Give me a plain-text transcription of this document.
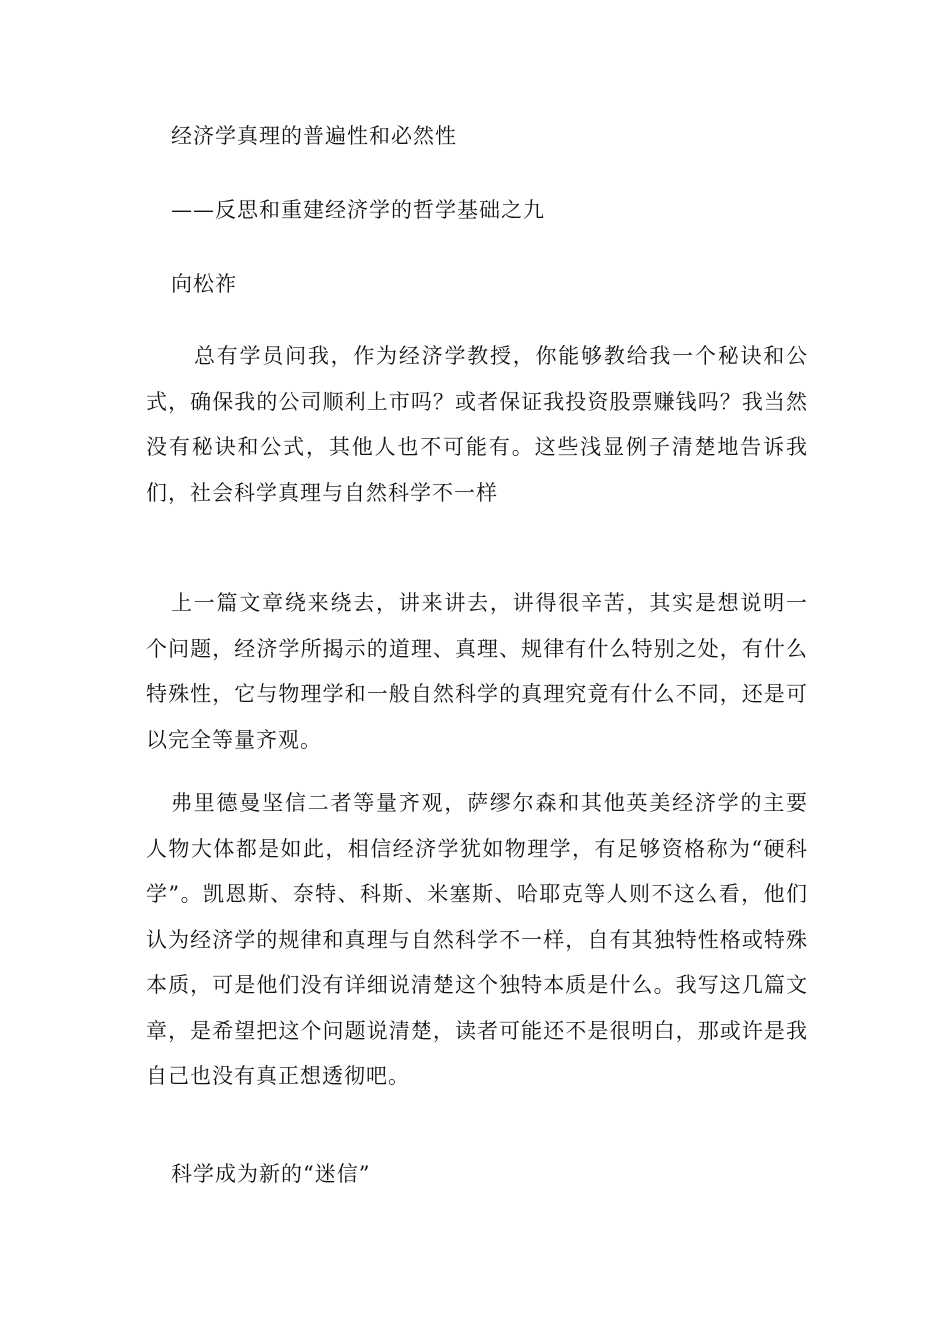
经济学真理的普遍性和必然性
——反思和重建经济学的哲学基础之九
向松祚

总有学员问我，作为经济学教授，你能够教给我一个秘诀和公式，确保我的公司顺利上市吗？或者保证我投资股票赚钱吗？我当然没有秘诀和公式，其他人也不可能有。这些浅显例子清楚地告诉我们，社会科学真理与自然科学不一样

上一篇文章绕来绕去，讲来讲去，讲得很辛苦，其实是想说明一个问题，经济学所揭示的道理、真理、规律有什么特别之处，有什么特殊性，它与物理学和一般自然科学的真理究竟有什么不同，还是可以完全等量齐观。

弗里德曼坚信二者等量齐观，萨缪尔森和其他英美经济学的主要人物大体都是如此，相信经济学犹如物理学，有足够资格称为“硬科学”。凯恩斯、奈特、科斯、米塞斯、哈耶克等人则不这么看，他们认为经济学的规律和真理与自然科学不一样，自有其独特性格或特殊本质，可是他们没有详细说清楚这个独特本质是什么。我写这几篇文章，是希望把这个问题说清楚，读者可能还不是很明白，那或许是我自己也没有真正想透彻吧。

科学成为新的“迷信”
